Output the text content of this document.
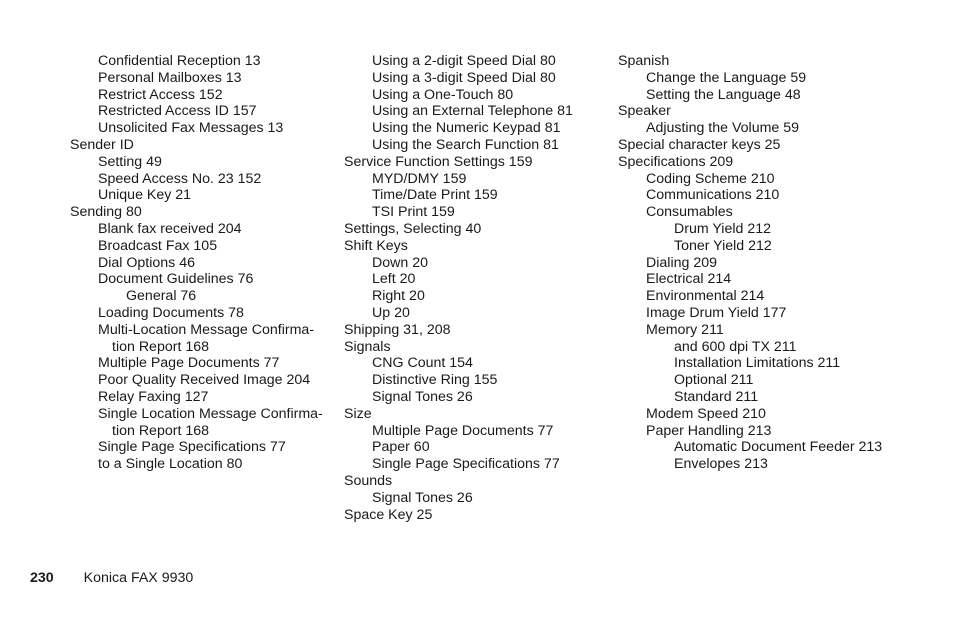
Confidential Reception 13
Personal Mailboxes 13
Restrict Access 152
Restricted Access ID 157
Unsolicited Fax Messages 13
Sender ID
Setting 49
Speed Access No. 23 152
Unique Key 21
Sending 80
Blank fax received 204
Broadcast Fax 105
Dial Options 46
Document Guidelines 76
General 76
Loading Documents 78
Multi-Location Message Confirma-tion Report 168
Multiple Page Documents 77
Poor Quality Received Image 204
Relay Faxing 127
Single Location Message Confirma-tion Report 168
Single Page Specifications 77
to a Single Location 80
Using a 2-digit Speed Dial 80
Using a 3-digit Speed Dial 80
Using a One-Touch 80
Using an External Telephone 81
Using the Numeric Keypad 81
Using the Search Function 81
Service Function Settings 159
MYD/DMY 159
Time/Date Print 159
TSI Print 159
Settings, Selecting 40
Shift Keys
Down 20
Left 20
Right 20
Up 20
Shipping 31, 208
Signals
CNG Count 154
Distinctive Ring 155
Signal Tones 26
Size
Multiple Page Documents 77
Paper 60
Single Page Specifications 77
Sounds
Signal Tones 26
Space Key 25
Spanish
Change the Language 59
Setting the Language 48
Speaker
Adjusting the Volume 59
Special character keys 25
Specifications 209
Coding Scheme 210
Communications 210
Consumables
Drum Yield 212
Toner Yield 212
Dialing 209
Electrical 214
Environmental 214
Image Drum Yield 177
Memory 211
and 600 dpi TX 211
Installation Limitations 211
Optional 211
Standard 211
Modem Speed 210
Paper Handling 213
Automatic Document Feeder 213
Envelopes 213
230 Konica FAX 9930
